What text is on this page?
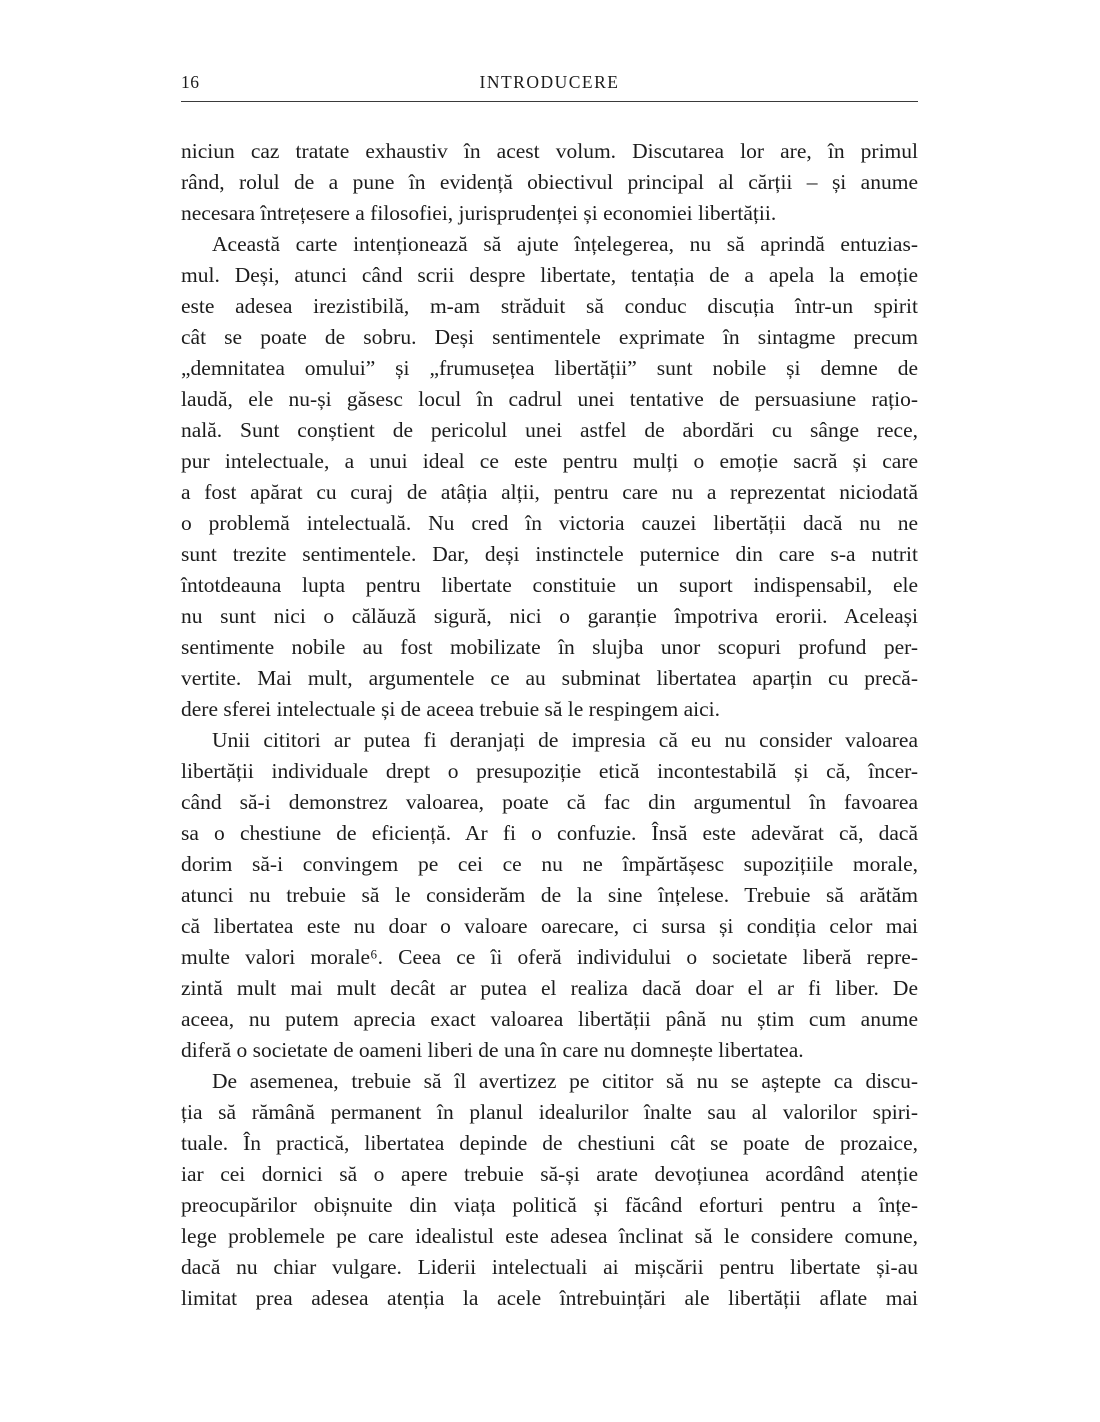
16	INTRODUCERE
niciun caz tratate exhaustiv în acest volum. Discutarea lor are, în primul
rând, rolul de a pune în evidență obiectivul principal al cărții – și anume
necesara întrețesere a filosofiei, jurisprudenței și economiei libertății.
Această carte intenționează să ajute înțelegerea, nu să aprindă entuzias-
mul. Deși, atunci când scrii despre libertate, tentația de a apela la emoție
este adesea irezistibilă, m-am străduit să conduc discuția într-un spirit
cât se poate de sobru. Deși sentimentele exprimate în sintagme precum
„demnitatea omului” și „frumusețea libertății” sunt nobile și demne de
laudă, ele nu-și găsesc locul în cadrul unei tentative de persuasiune rațio-
nală. Sunt conștient de pericolul unei astfel de abordări cu sânge rece,
pur intelectuale, a unui ideal ce este pentru mulți o emoție sacră și care
a fost apărat cu curaj de atâția alții, pentru care nu a reprezentat niciodată
o problemă intelectuală. Nu cred în victoria cauzei libertății dacă nu ne
sunt trezite sentimentele. Dar, deși instinctele puternice din care s-a nutrit
întotdeauna lupta pentru libertate constituie un suport indispensabil, ele
nu sunt nici o călăuză sigură, nici o garanție împotriva erorii. Aceleași
sentimente nobile au fost mobilizate în slujba unor scopuri profund per-
vertite. Mai mult, argumentele ce au subminat libertatea aparțin cu precă-
dere sferei intelectuale și de aceea trebuie să le respingem aici.
Unii cititori ar putea fi deranjați de impresia că eu nu consider valoarea
libertății individuale drept o presupoziție etică incontestabilă și că, încer-
când să-i demonstrez valoarea, poate că fac din argumentul în favoarea
sa o chestiune de eficiență. Ar fi o confuzie. Însă este adevărat că, dacă
dorim să-i convingem pe cei ce nu ne împărtășesc supozițiile morale,
atunci nu trebuie să le considerăm de la sine înțelese. Trebuie să arătăm
că libertatea este nu doar o valoare oarecare, ci sursa și condiția celor mai
multe valori morale⁶. Ceea ce îi oferă individului o societate liberă repre-
zintă mult mai mult decât ar putea el realiza dacă doar el ar fi liber. De
aceea, nu putem aprecia exact valoarea libertății până nu știm cum anume
diferă o societate de oameni liberi de una în care nu domnește libertatea.
De asemenea, trebuie să îl avertizez pe cititor să nu se aștepte ca discu-
ția să rămână permanent în planul idealurilor înalte sau al valorilor spiri-
tuale. În practică, libertatea depinde de chestiuni cât se poate de prozaice,
iar cei dornici să o apere trebuie să-și arate devoțiunea acordând atenție
preocupărilor obișnuite din viața politică și făcând eforturi pentru a înțe-
lege problemele pe care idealistul este adesea înclinat să le considere comune,
dacă nu chiar vulgare. Liderii intelectuali ai mișcării pentru libertate și-au
limitat prea adesea atenția la acele întrebuințări ale libertății aflate mai
